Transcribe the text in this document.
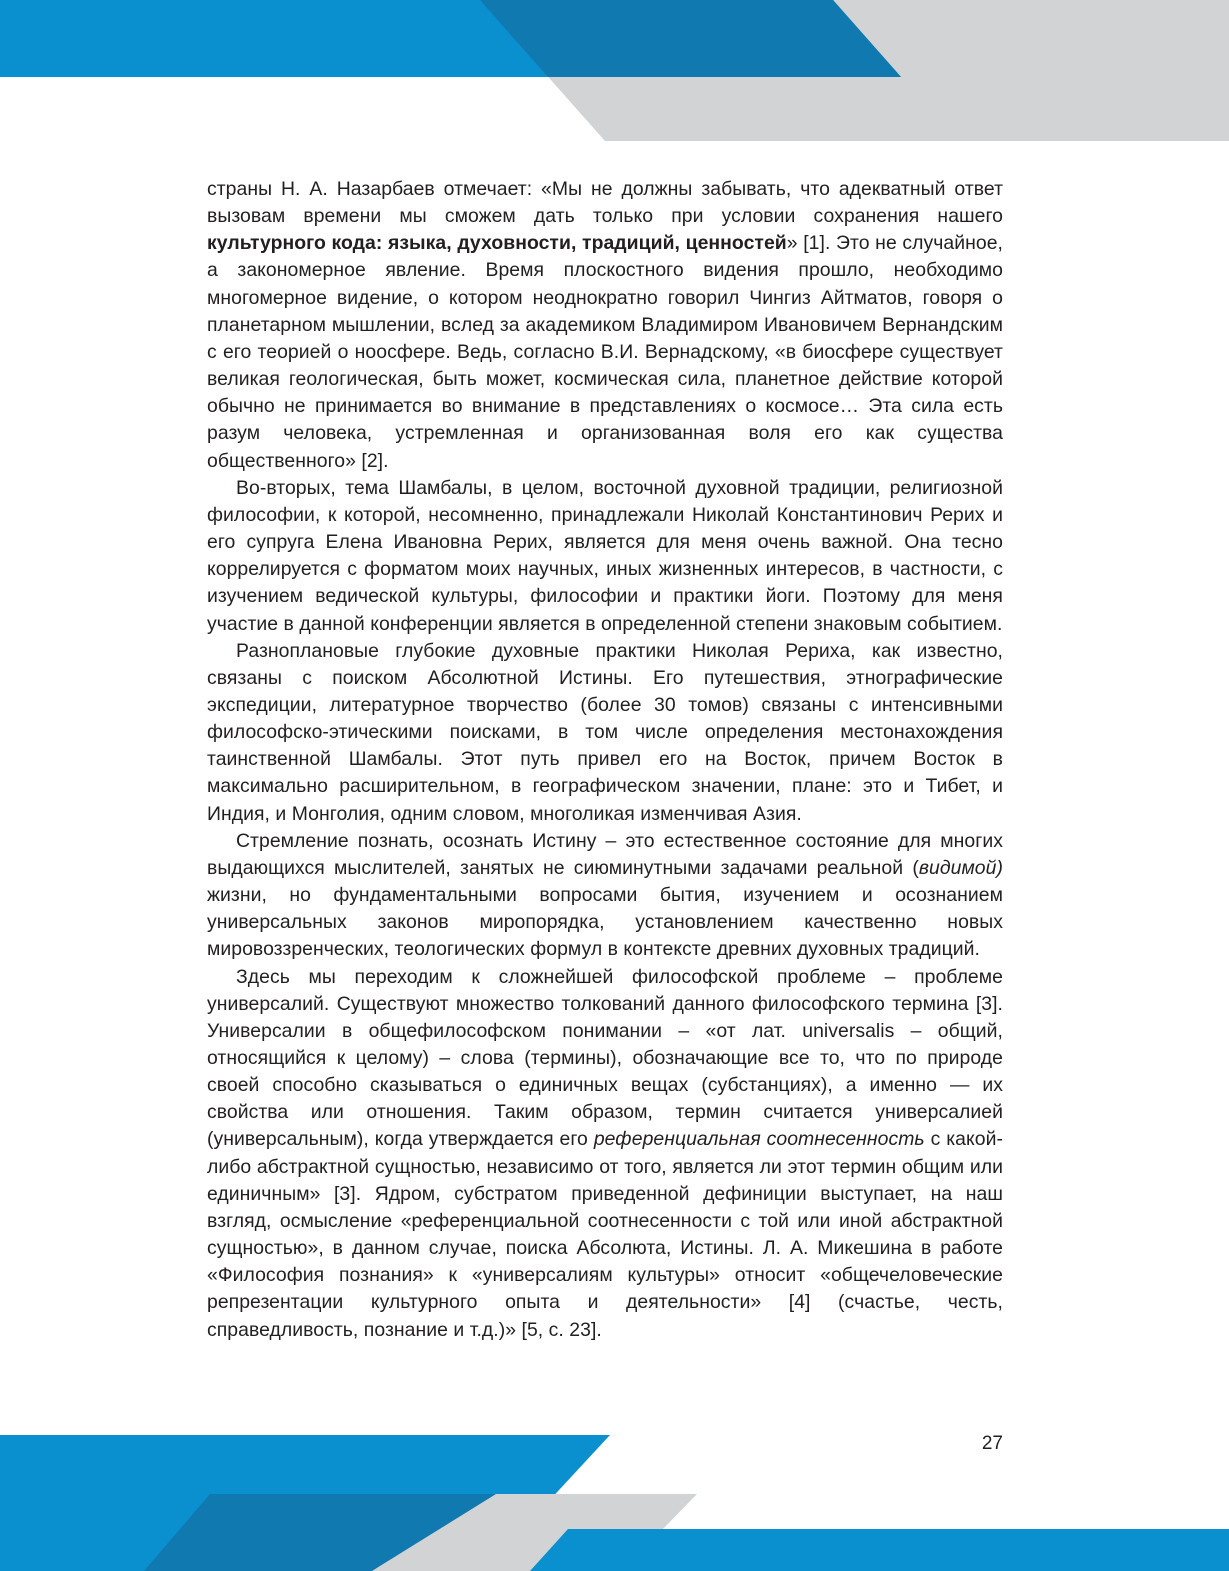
страны Н. А. Назарбаев отмечает: «Мы не должны забывать, что адекватный ответ вызовам времени мы сможем дать только при условии сохранения нашего культурного кода: языка, духовности, традиций, ценностей» [1]. Это не случайное, а закономерное явление. Время плоскостного видения прошло, необходимо многомерное видение, о котором неоднократно говорил Чингиз Айтматов, говоря о планетарном мышлении, вслед за академиком Владимиром Ивановичем Вернандским с его теорией о ноосфере. Ведь, согласно В.И. Вернадскому, «в биосфере существует великая геологическая, быть может, космическая сила, планетное действие которой обычно не принимается во внимание в представлениях о космосе… Эта сила есть разум человека, устремленная и организованная воля его как существа общественного» [2].

Во-вторых, тема Шамбалы, в целом, восточной духовной традиции, религиозной философии, к которой, несомненно, принадлежали Николай Константинович Рерих и его супруга Елена Ивановна Рерих, является для меня очень важной. Она тесно коррелируется с форматом моих научных, иных жизненных интересов, в частности, с изучением ведической культуры, философии и практики йоги. Поэтому для меня участие в данной конференции является в определенной степени знаковым событием.

Разноплановые глубокие духовные практики Николая Рериха, как известно, связаны с поиском Абсолютной Истины. Его путешествия, этнографические экспедиции, литературное творчество (более 30 томов) связаны с интенсивными философско-этическими поисками, в том числе определения местонахождения таинственной Шамбалы. Этот путь привел его на Восток, причем Восток в максимально расширительном, в географическом значении, плане: это и Тибет, и Индия, и Монголия, одним словом, многоликая изменчивая Азия.

Стремление познать, осознать Истину – это естественное состояние для многих выдающихся мыслителей, занятых не сиюминутными задачами реальной (видимой) жизни, но фундаментальными вопросами бытия, изучением и осознанием универсальных законов миропорядка, установлением качественно новых мировоззренческих, теологических формул в контексте древних духовных традиций.

Здесь мы переходим к сложнейшей философской проблеме – проблеме универсалий. Существуют множество толкований данного философского термина [3]. Универсалии в общефилософском понимании – «от лат. universalis – общий, относящийся к целому) – слова (термины), обозначающие все то, что по природе своей способно сказываться о единичных вещах (субстанциях), а именно — их свойства или отношения. Таким образом, термин считается универсалией (универсальным), когда утверждается его референциальная соотнесенность с какой-либо абстрактной сущностью, независимо от того, является ли этот термин общим или единичным» [3]. Ядром, субстратом приведенной дефиниции выступает, на наш взгляд, осмысление «референциальной соотнесенности с той или иной абстрактной сущностью», в данном случае, поиска Абсолюта, Истины. Л. А. Микешина в работе «Философия познания» к «универсалиям культуры» относит «общечеловеческие репрезентации культурного опыта и деятельности» [4] (счастье, честь, справедливость, познание и т.д.)» [5, с. 23].

27
